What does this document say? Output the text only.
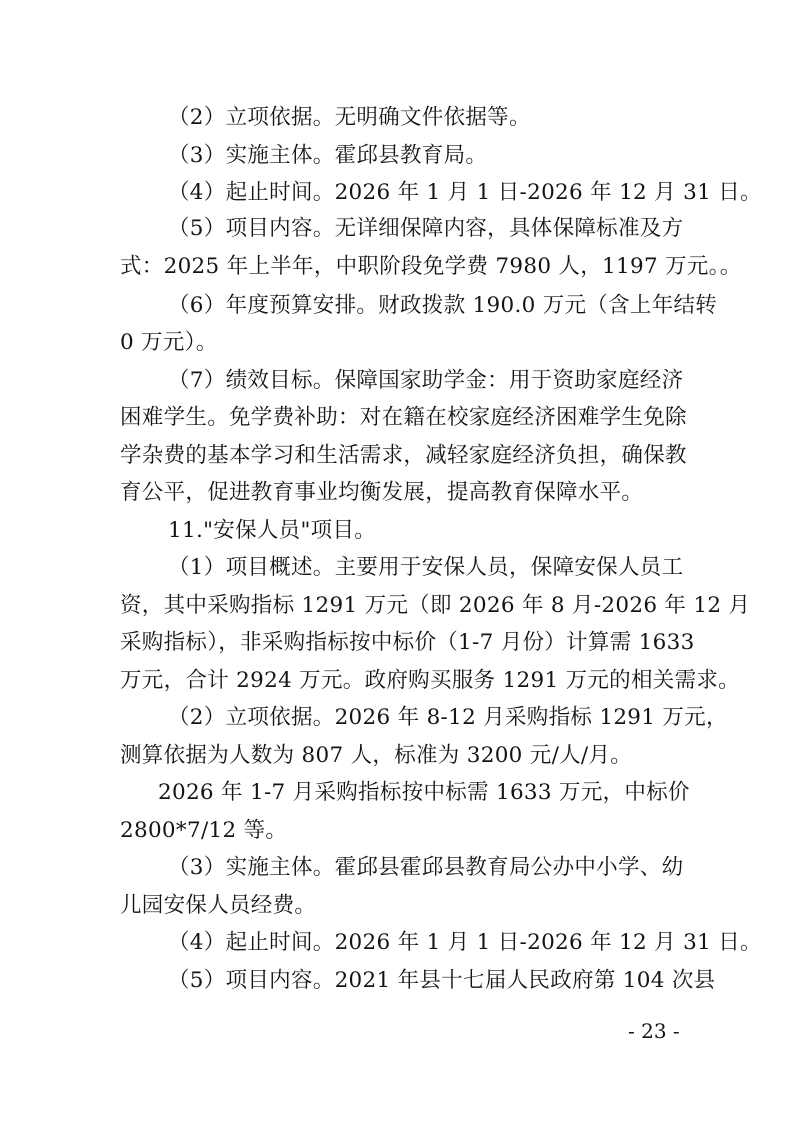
（2）立项依据。无明确文件依据等。
（3）实施主体。霍邱县教育局。
（4）起止时间。2026 年 1 月 1 日-2026 年 12 月 31 日。
（5）项目内容。无详细保障内容，具体保障标准及方
式：2025 年上半年，中职阶段免学费 7980 人，1197 万元。。
（6）年度预算安排。财政拨款 190.0 万元（含上年结转
0 万元）。
（7）绩效目标。保障国家助学金：用于资助家庭经济
困难学生。免学费补助：对在籍在校家庭经济困难学生免除
学杂费的基本学习和生活需求，减轻家庭经济负担，确保教
育公平，促进教育事业均衡发展，提高教育保障水平。
11."安保人员"项目。
（1）项目概述。主要用于安保人员，保障安保人员工
资，其中采购指标 1291 万元（即 2026 年 8 月-2026 年 12 月
采购指标），非采购指标按中标价（1-7 月份）计算需 1633
万元，合计 2924 万元。政府购买服务 1291 万元的相关需求。
（2）立项依据。2026 年 8-12 月采购指标 1291 万元，
测算依据为人数为 807 人，标准为 3200 元/人/月。
2026 年 1-7 月采购指标按中标需 1633 万元，中标价
2800*7/12 等。
（3）实施主体。霍邱县霍邱县教育局公办中小学、幼
儿园安保人员经费。
（4）起止时间。2026 年 1 月 1 日-2026 年 12 月 31 日。
（5）项目内容。2021 年县十七届人民政府第 104 次县
- 23 -
